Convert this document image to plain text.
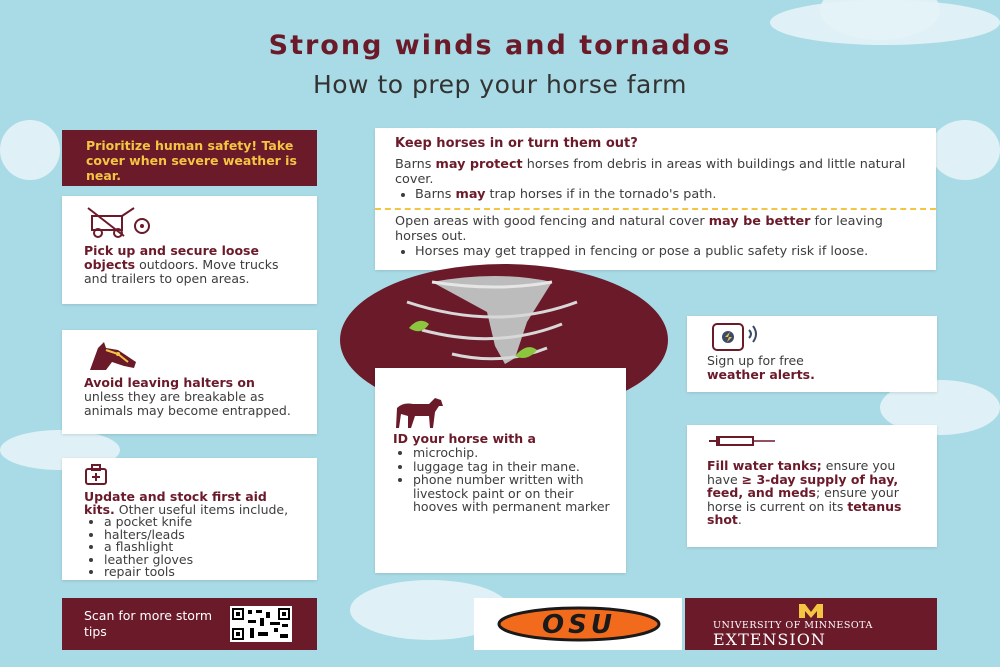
Strong winds and tornados
How to prep your horse farm
Prioritize human safety! Take cover when severe weather is near.
Pick up and secure loose objects outdoors. Move trucks and trailers to open areas.
Avoid leaving halters on unless they are breakable as animals may become entrapped.
Update and stock first aid kits. Other useful items include,
• a pocket knife
• halters/leads
• a flashlight
• leather gloves
• repair tools
Scan for more storm tips
Keep horses in or turn them out?
Barns may protect horses from debris in areas with buildings and little natural cover.
• Barns may trap horses if in the tornado's path.
Open areas with good fencing and natural cover may be better for leaving horses out.
• Horses may get trapped in fencing or pose a public safety risk if loose.
ID your horse with a
• microchip.
• luggage tag in their mane.
• phone number written with livestock paint or on their hooves with permanent marker
Sign up for free
weather alerts.
Fill water tanks; ensure you have ≥ 3-day supply of hay, feed, and meds; ensure your horse is current on its tetanus shot.
OSU	UNIVERSITY OF MINNESOTA
EXTENSION
